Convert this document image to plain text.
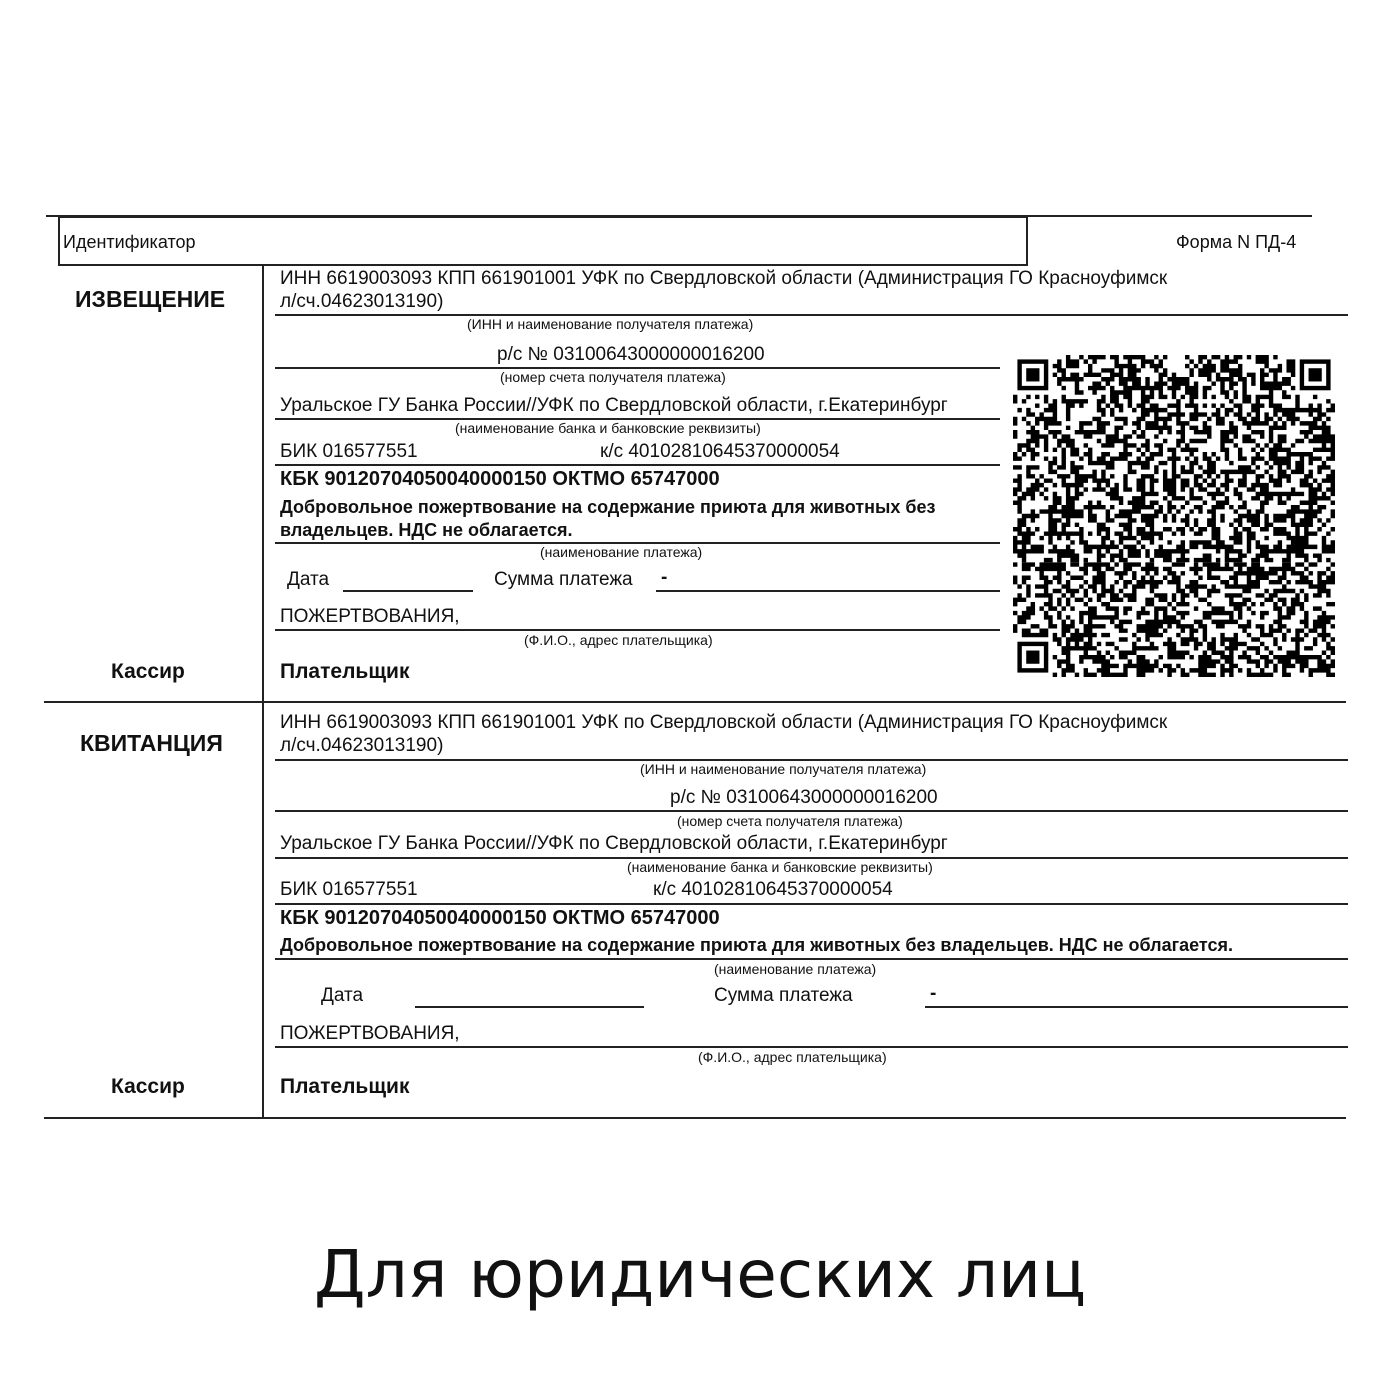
Идентификатор	Форма N ПД-4
ИЗВЕЩЕНИЕ
ИНН 6619003093 КПП 661901001 УФК по Свердловской области (Администрация ГО Красноуфимск
л/сч.04623013190)
(ИНН и наименование получателя платежа)
р/с № 03100643000000016200
(номер счета получателя платежа)
Уральское ГУ Банка России//УФК по Свердловской области, г.Екатеринбург
(наименование банка и банковские реквизиты)
БИК 016577551	к/с 40102810645370000054
КБК 90120704050040000150 ОКТМО 65747000
Добровольное пожертвование на содержание приюта для животных без
владельцев. НДС не облагается.
(наименование платежа)
Дата	Сумма платежа -
ПОЖЕРТВОВАНИЯ,
(Ф.И.О., адрес плательщика)
Кассир	Плательщик
КВИТАНЦИЯ
ИНН 6619003093 КПП 661901001 УФК по Свердловской области (Администрация ГО Красноуфимск
л/сч.04623013190)
(ИНН и наименование получателя платежа)
р/с № 03100643000000016200
(номер счета получателя платежа)
Уральское ГУ Банка России//УФК по Свердловской области, г.Екатеринбург
(наименование банка и банковские реквизиты)
БИК 016577551	к/с 40102810645370000054
КБК 90120704050040000150 ОКТМО 65747000
Добровольное пожертвование на содержание приюта для животных без владельцев. НДС не облагается.
(наименование платежа)
Дата	Сумма платежа	-
ПОЖЕРТВОВАНИЯ,
(Ф.И.О., адрес плательщика)
Кассир	Плательщик
Для юридических лиц
